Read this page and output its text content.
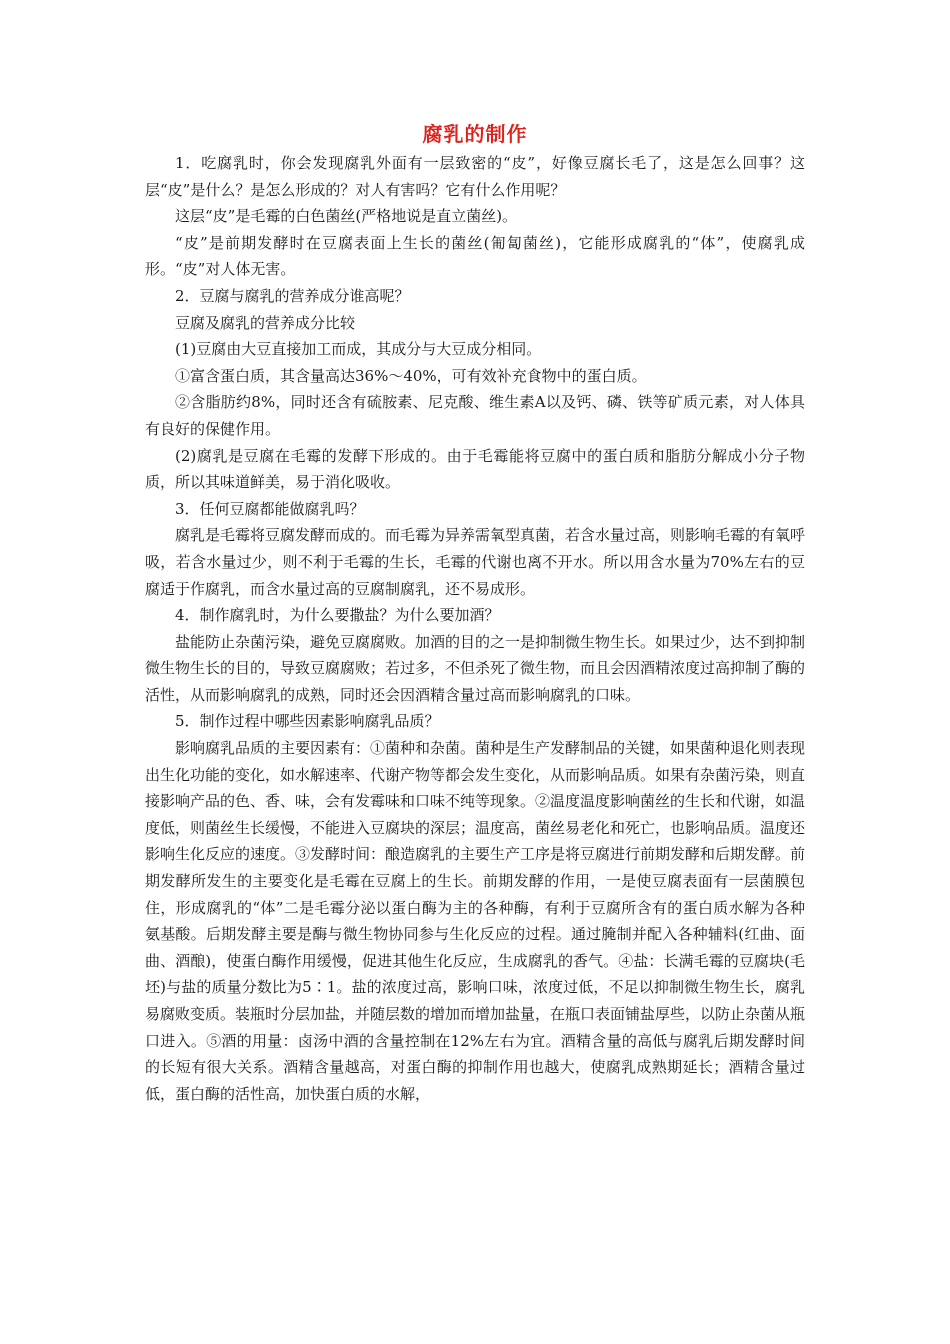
腐乳的制作

1．吃腐乳时，你会发现腐乳外面有一层致密的“皮”，好像豆腐长毛了，这是怎么回事？这层“皮”是什么？是怎么形成的？对人有害吗？它有什么作用呢？

这层“皮”是毛霉的白色菌丝(严格地说是直立菌丝)。

“皮”是前期发酵时在豆腐表面上生长的菌丝(匍匐菌丝)，它能形成腐乳的“体”，使腐乳成形。“皮”对人体无害。

2．豆腐与腐乳的营养成分谁高呢？

豆腐及腐乳的营养成分比较

(1)豆腐由大豆直接加工而成，其成分与大豆成分相同。

①富含蛋白质，其含量高达36%～40%，可有效补充食物中的蛋白质。

②含脂肪约8%，同时还含有硫胺素、尼克酸、维生素A以及钙、磷、铁等矿质元素，对人体具有良好的保健作用。

(2)腐乳是豆腐在毛霉的发酵下形成的。由于毛霉能将豆腐中的蛋白质和脂肪分解成小分子物质，所以其味道鲜美，易于消化吸收。

3．任何豆腐都能做腐乳吗？

腐乳是毛霉将豆腐发酵而成的。而毛霉为异养需氧型真菌，若含水量过高，则影响毛霉的有氧呼吸，若含水量过少，则不利于毛霉的生长，毛霉的代谢也离不开水。所以用含水量为70%左右的豆腐适于作腐乳，而含水量过高的豆腐制腐乳，还不易成形。

4．制作腐乳时，为什么要撒盐？为什么要加酒？

盐能防止杂菌污染，避免豆腐腐败。加酒的目的之一是抑制微生物生长。如果过少，达不到抑制微生物生长的目的，导致豆腐腐败；若过多，不但杀死了微生物，而且会因酒精浓度过高抑制了酶的活性，从而影响腐乳的成熟，同时还会因酒精含量过高而影响腐乳的口味。

5．制作过程中哪些因素影响腐乳品质？

影响腐乳品质的主要因素有：①菌种和杂菌。菌种是生产发酵制品的关键，如果菌种退化则表现出生化功能的变化，如水解速率、代谢产物等都会发生变化，从而影响品质。如果有杂菌污染，则直接影响产品的色、香、味，会有发霉味和口味不纯等现象。②温度温度影响菌丝的生长和代谢，如温度低，则菌丝生长缓慢，不能进入豆腐块的深层；温度高，菌丝易老化和死亡，也影响品质。温度还影响生化反应的速度。③发酵时间：酿造腐乳的主要生产工序是将豆腐进行前期发酵和后期发酵。前期发酵所发生的主要变化是毛霉在豆腐上的生长。前期发酵的作用，一是使豆腐表面有一层菌膜包住，形成腐乳的“体”二是毛霉分泌以蛋白酶为主的各种酶，有利于豆腐所含有的蛋白质水解为各种氨基酸。后期发酵主要是酶与微生物协同参与生化反应的过程。通过腌制并配入各种辅料(红曲、面曲、酒酿)，使蛋白酶作用缓慢，促进其他生化反应，生成腐乳的香气。④盐：长满毛霉的豆腐块(毛坯)与盐的质量分数比为5∶1。盐的浓度过高，影响口味，浓度过低，不足以抑制微生物生长，腐乳易腐败变质。装瓶时分层加盐，并随层数的增加而增加盐量，在瓶口表面铺盐厚些，以防止杂菌从瓶口进入。⑤酒的用量：卤汤中酒的含量控制在12%左右为宜。酒精含量的高低与腐乳后期发酵时间的长短有很大关系。酒精含量越高，对蛋白酶的抑制作用也越大，使腐乳成熟期延长；酒精含量过低，蛋白酶的活性高，加快蛋白质的水解，
